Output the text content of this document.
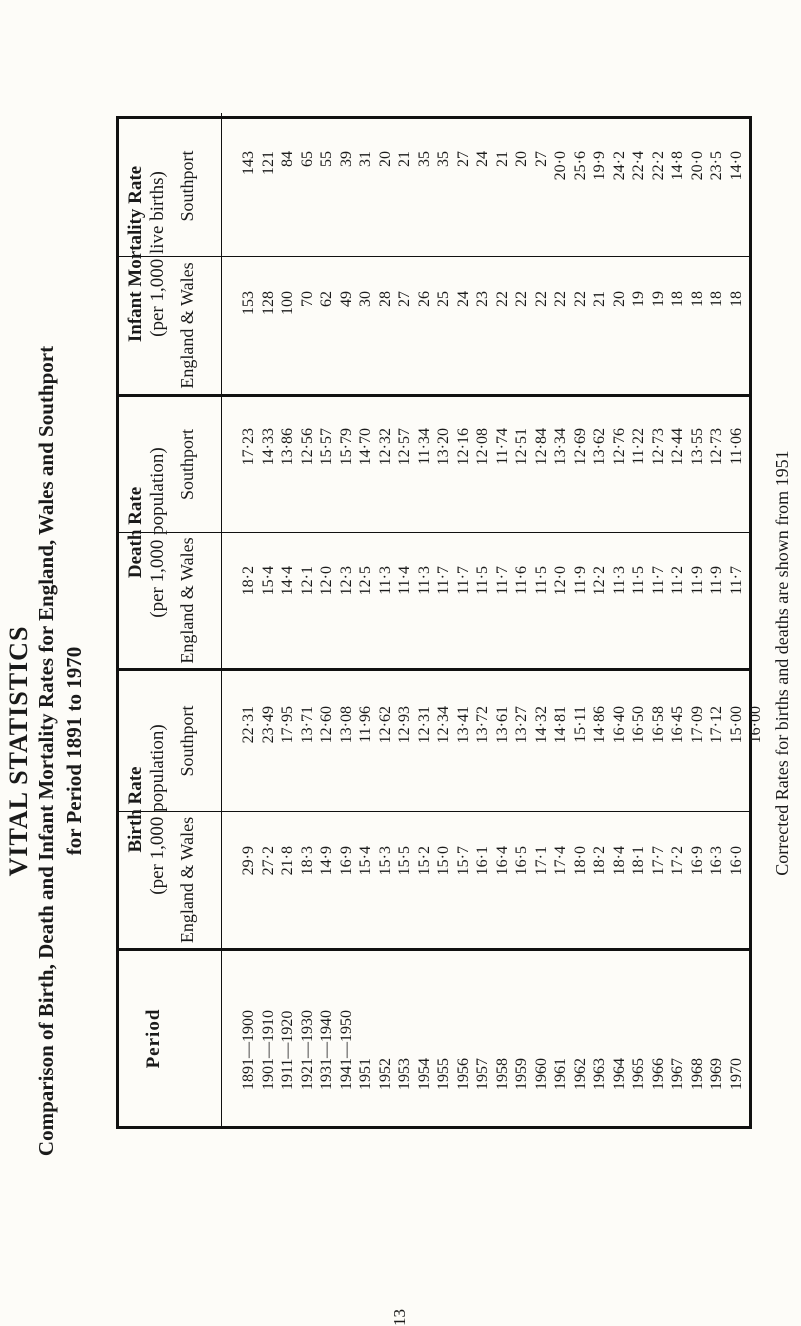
VITAL STATISTICS Comparison of Birth, Death and Infant Mortality Rates for England, Wales and Southport for Period 1891 to 1970
13
Period
Birth Rate
(per 1,000 population)
Death Rate
(per 1,000 population)
Infant Mortality Rate
(per 1,000 live births)
England & Wales
Southport
England & Wales
Southport
England & Wales
Southport
1891—1900 1901—1910 1911—1920 1921—1930 1931—1940 1941—1950 1951 1952 1953 1954 1955 1956 1957 1958 1959 1960 1961 1962 1963 1964 1965 1966 1967 1968 1969 1970
29·9 27·2 21·8 18·3 14·9 16·9 15·4 15·3 15·5 15·2 15·0 15·7 16·1 16·4 16·5 17·1 17·4 18·0 18·2 18·4 18·1 17·7 17·2 16·9 16·3 16·0
22·31 23·49 17·95 13·71 12·60 13·08 11·96 12·62 12·93 12·31 12·34 13·41 13·72 13·61 13·27 14·32 14·81 15·11 14·86 16·40 16·50 16·58 16·45 17·09 17·12 15·00 16·00
18·2 15·4 14·4 12·1 12·0 12·3 12·5 11·3 11·4 11·3 11·7 11·7 11·5 11·7 11·6 11·5 12·0 11·9 12·2 11·3 11·5 11·7 11·2 11·9 11·9 11·7
17·23 14·33 13·86 12·56 15·57 15·79 14·70 12·32 12·57 11·34 13·20 12·16 12·08 11·74 12·51 12·84 13·34 12·69 13·62 12·76 11·22 12·73 12·44 13·55 12·73 11·06
153 128 100 70 62 49 30 28 27 26 25 24 23 22 22 22 22 22 21 20 19 19 18 18 18 18
143 121 84 65 55 39 31 20 21 35 35 27 24 21 20 27 20·0 25·6 19·9 24·2 22·4 22·2 14·8 20·0 23·5 14·0
Corrected Rates for births and deaths are shown from 1951
